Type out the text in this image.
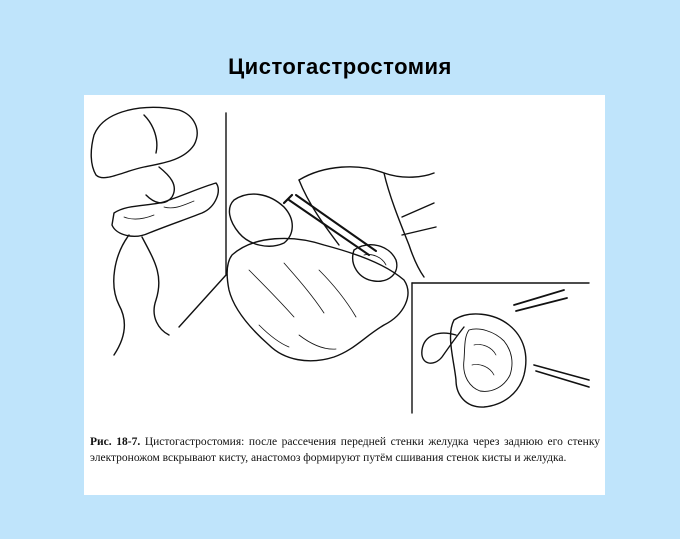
Цистогастростомия
Рис. 18-7. Цистогастростомия: после рассечения передней стенки желудка через заднюю его стенку электроножом вскрывают кисту, анастомоз формируют путём сшивания стенок кисты и желудка.
